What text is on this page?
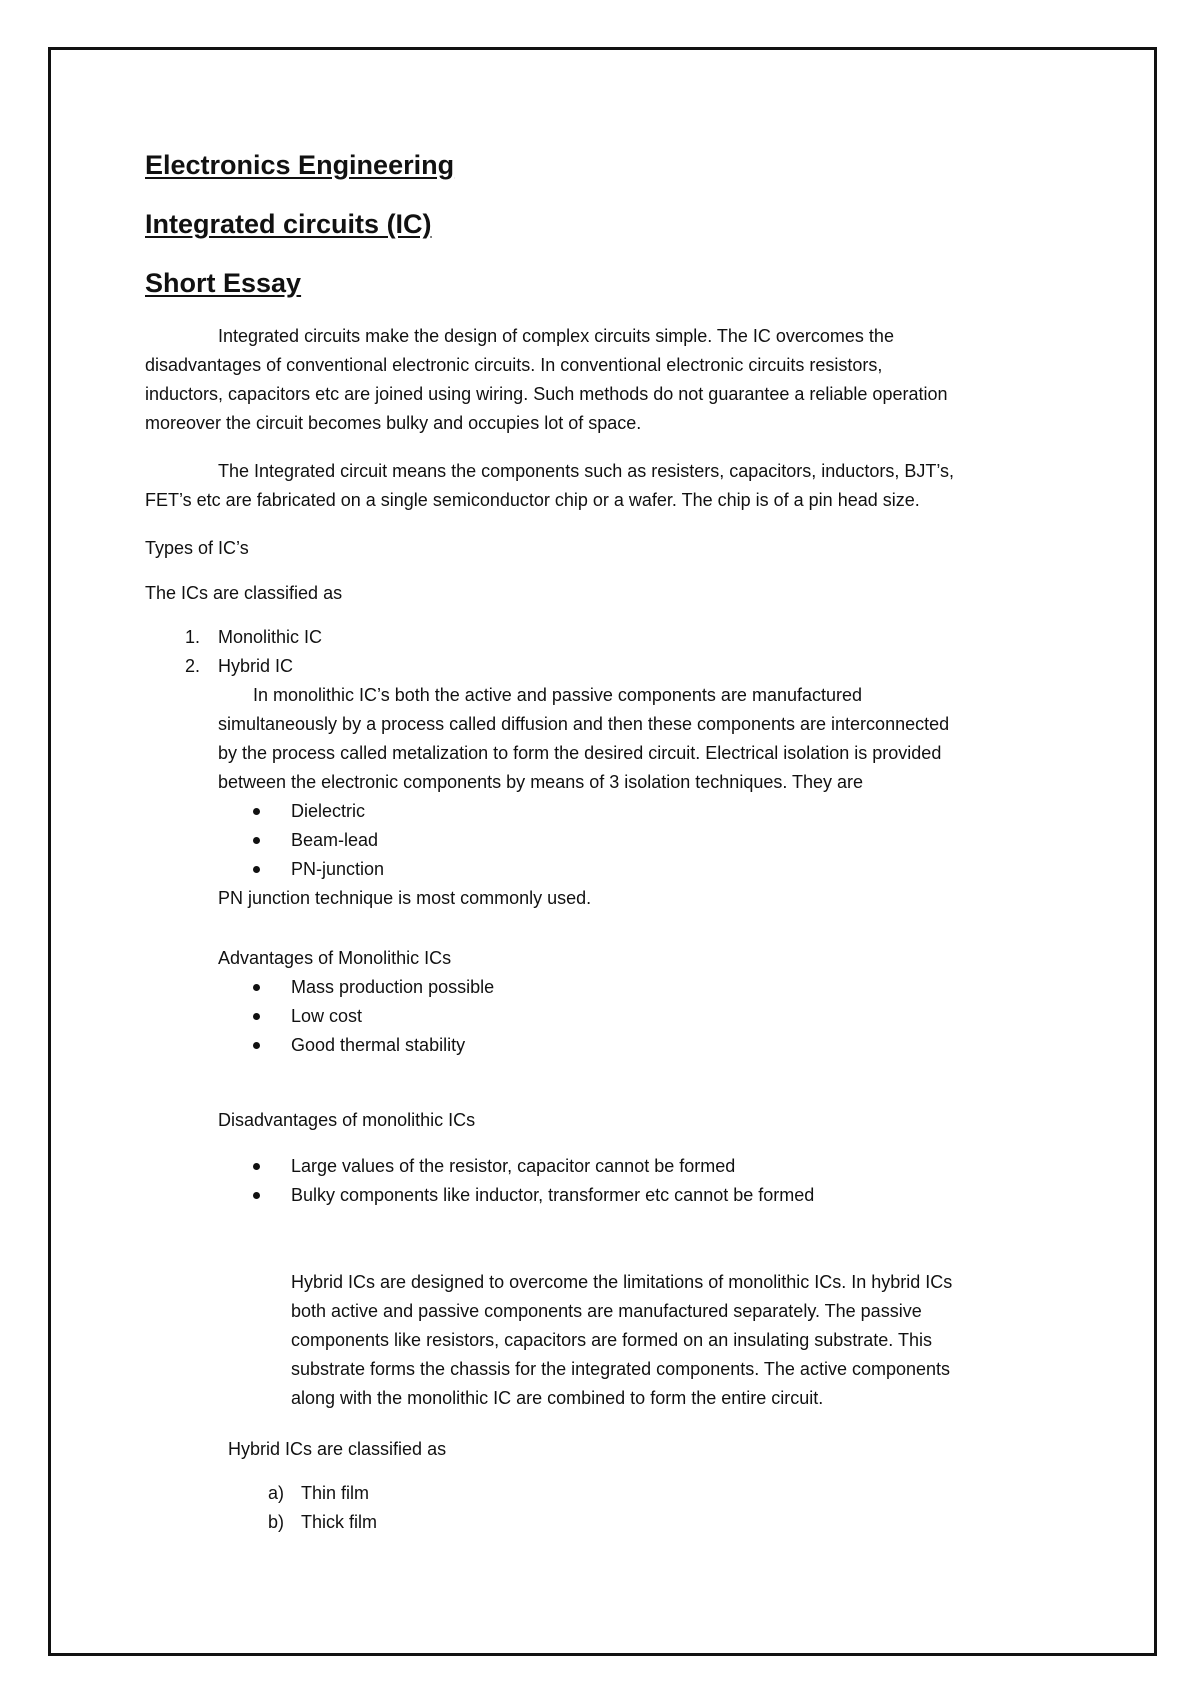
Electronics Engineering
Integrated circuits (IC)
Short Essay
Integrated circuits make the design of complex circuits simple. The IC overcomes the
disadvantages of conventional electronic circuits. In conventional electronic circuits resistors,
inductors, capacitors etc are joined using wiring. Such methods do not guarantee a reliable operation
moreover the circuit becomes bulky and occupies lot of space.
The Integrated circuit means the components such as resisters, capacitors, inductors, BJT’s,
FET’s etc are fabricated on a single semiconductor chip or a wafer. The chip is of a pin head size.
Types of IC’s
The ICs are classified as
1. Monolithic IC
2. Hybrid IC
In monolithic IC’s both the active and passive components are manufactured
simultaneously by a process called diffusion and then these components are interconnected
by the process called metalization to form the desired circuit. Electrical isolation is provided
between the electronic components by means of 3 isolation techniques. They are
Dielectric
Beam-lead
PN-junction
PN junction technique is most commonly used.
Advantages of Monolithic ICs
Mass production possible
Low cost
Good thermal stability
Disadvantages of monolithic ICs
Large values of the resistor, capacitor cannot be formed
Bulky components like inductor, transformer etc cannot be formed
Hybrid ICs are designed to overcome the limitations of monolithic ICs. In hybrid ICs
both active and passive components are manufactured separately. The passive
components like resistors, capacitors are formed on an insulating substrate. This
substrate forms the chassis for the integrated components. The active components
along with the monolithic IC are combined to form the entire circuit.
Hybrid ICs are classified as
a) Thin film
b) Thick film
